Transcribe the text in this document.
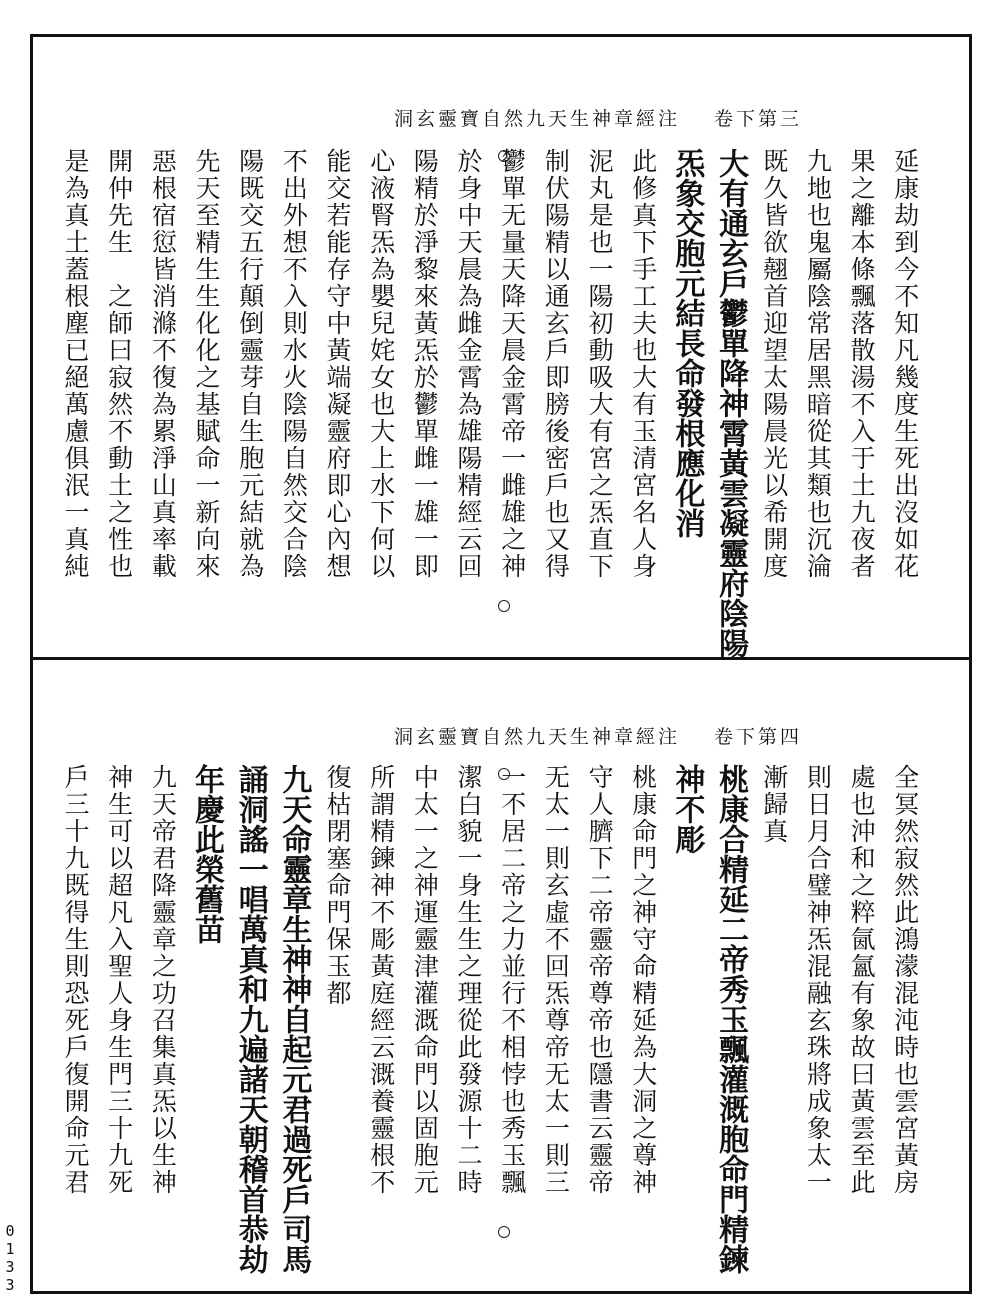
0
1
3
3
洞玄靈寶自然九天生神章經注 卷下第三
延康劫到今不知凡幾度生死出沒如花
果之離本條飄落散湯不入于土九夜者
九地也鬼屬陰常居黑暗從其類也沉淪
既久皆欲翹首迎望太陽晨光以希開度
大有通玄戶鬱單降神霄黃雲凝靈府陰陽
炁象交胞元結長命發根應化消
此修真下手工夫也大有玉清宮名人身
泥丸是也一陽初動吸大有宮之炁直下
制伏陽精以通玄戶即膀後密戶也又得
鬱單无量天降天晨金霄帝一雌雄之神
於身中天晨為雌金霄為雄陽精經云回
陽精於淨黎來黃炁於鬱單雌一雄一即
心液腎炁為嬰兒姹女也大上水下何以
能交若能存守中黃端凝靈府即心內想
不出外想不入則水火陰陽自然交合陰
陽既交五行顛倒靈芽自生胞元結就為
先天至精生生化化之基賦命一新向來
惡根宿愆皆消滌不復為累淨山真率載
開仲先生　之師曰寂然不動土之性也
是為真土蓋根塵已絕萬慮俱泯一真純
洞玄靈寶自然九天生神章經注 卷下第四
全冥然寂然此鴻濛混沌時也雲宮黃房
處也沖和之粹氤氳有象故曰黃雲至此
則日月合璧神炁混融玄珠將成象太一
漸歸真
桃康合精延二帝秀玉飄灌溉胞命門精鍊
神不彫
桃康命門之神守命精延為大洞之尊神
守人臍下二帝靈帝尊帝也隱書云靈帝
无太一則玄虛不回炁尊帝无太一則三
一不居二帝之力並行不相悖也秀玉飄
潔白貌一身生生之理從此發源十二時
中太一之神運靈津灌溉命門以固胞元
所謂精鍊神不彫黃庭經云溉養靈根不
復枯閉塞命門保玉都
九天命靈章生神神自起元君過死戶司馬
誦洞謠一唱萬真和九遍諸天朝稽首恭劫
年慶此榮舊苗
九天帝君降靈章之功召集真炁以生神
神生可以超凡入聖人身生門三十九死
戶三十九既得生則恐死戶復開命元君
